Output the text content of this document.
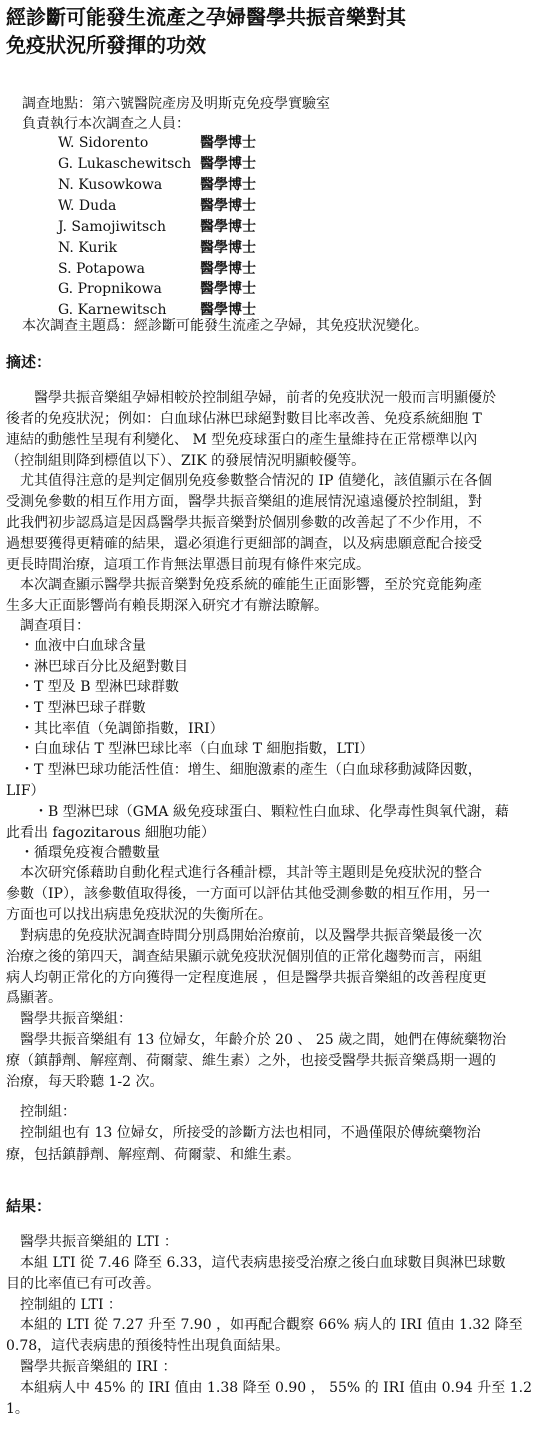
經診斷可能發生流產之孕婦醫學共振音樂對其
免疫狀況所發揮的功效
調查地點：第六號醫院產房及明斯克免疫學實驗室
負責執行本次調查之人員：
W. Sidorento	醫學博士
G. Lukaschewitsch 醫學博士
N. Kusowkowa	醫學博士
W. Duda	醫學博士
J. Samojiwitsch 醫學博士
N. Kurik	醫學博士
S. Potapowa	醫學博士
G. Propnikowa	醫學博士
G. Karnewitsch 醫學博士
本次調查主題爲：經診斷可能發生流產之孕婦，其免疫狀況變化。
摘述：
醫學共振音樂組孕婦相較於控制組孕婦，前者的免疫狀況一般而言明顯優於
後者的免疫狀況；例如：白血球佔淋巴球絕對數目比率改善、免疫系統細胞 T
連結的動態性呈現有利變化、 M 型免疫球蛋白的產生量維持在正常標準以內
（控制組則降到標值以下）、ZIK 的發展情況明顯較優等。
尤其值得注意的是判定個別免疫參數整合情況的 IP 值變化，該值顯示在各個
受測免參數的相互作用方面，醫學共振音樂組的進展情況遠遠優於控制組，對
此我們初步認爲這是因爲醫學共振音樂對於個別參數的改善起了不少作用，不
過想要獲得更精確的結果，還必須進行更細部的調查，以及病患願意配合接受
更長時間治療，這項工作肯無法單憑目前現有條件來完成。
本次調查顯示醫學共振音樂對免疫系統的確能生正面影響，至於究竟能夠產
生多大正面影響尚有賴長期深入研究才有辦法瞭解。
調查項目：
・血液中白血球含量
・淋巴球百分比及絕對數目
・T 型及 B 型淋巴球群數
・T 型淋巴球子群數
・其比率值（免調節指數，IRI）
・白血球佔 T 型淋巴球比率（白血球 T 細胞指數，LTI）
・T 型淋巴球功能活性值：增生、細胞激素的產生（白血球移動減降因數，
LIF）
・B 型淋巴球（GMA 級免疫球蛋白、顆粒性白血球、化學毒性與氧代謝，藉
此看出 fagozitarous 細胞功能）
・循環免疫複合體數量
本次研究係藉助自動化程式進行各種計標，其計等主題則是免疫狀況的整合
參數（IP），該參數值取得後，一方面可以評估其他受測參數的相互作用，另一
方面也可以找出病患免疫狀況的失衡所在。
對病患的免疫狀況調查時間分別爲開始治療前，以及醫學共振音樂最後一次
治療之後的第四天，調查結果顯示就免疫狀況個別值的正常化趨勢而言，兩組
病人均朝正常化的方向獲得一定程度進展 ，但是醫學共振音樂組的改善程度更
爲顯著。
醫學共振音樂組：
醫學共振音樂組有 13 位婦女，年齡介於 20 、 25 歲之間，她們在傳統藥物治
療（鎮靜劑、解痙劑、荷爾蒙、維生素）之外，也接受醫學共振音樂爲期一週的
治療，每天聆聽 1-2 次。
控制組：
控制組也有 13 位婦女，所接受的診斷方法也相同，不過僅限於傳統藥物治
療，包括鎮靜劑、解痙劑、荷爾蒙、和維生素。
結果：
醫學共振音樂組的 LTI ：
本組 LTI 從 7.46 降至 6.33，這代表病患接受治療之後白血球數目與淋巴球數
目的比率值已有可改善。
控制組的 LTI ：
本組的 LTI 從 7.27 升至 7.90 ，如再配合觀察 66% 病人的 IRI 值由 1.32 降至
0.78，這代表病患的預後特性出現負面結果。
醫學共振音樂組的 IRI ：
本組病人中 45% 的 IRI 值由 1.38 降至 0.90 ， 55% 的 IRI 值由 0.94 升至 1.2
1。
